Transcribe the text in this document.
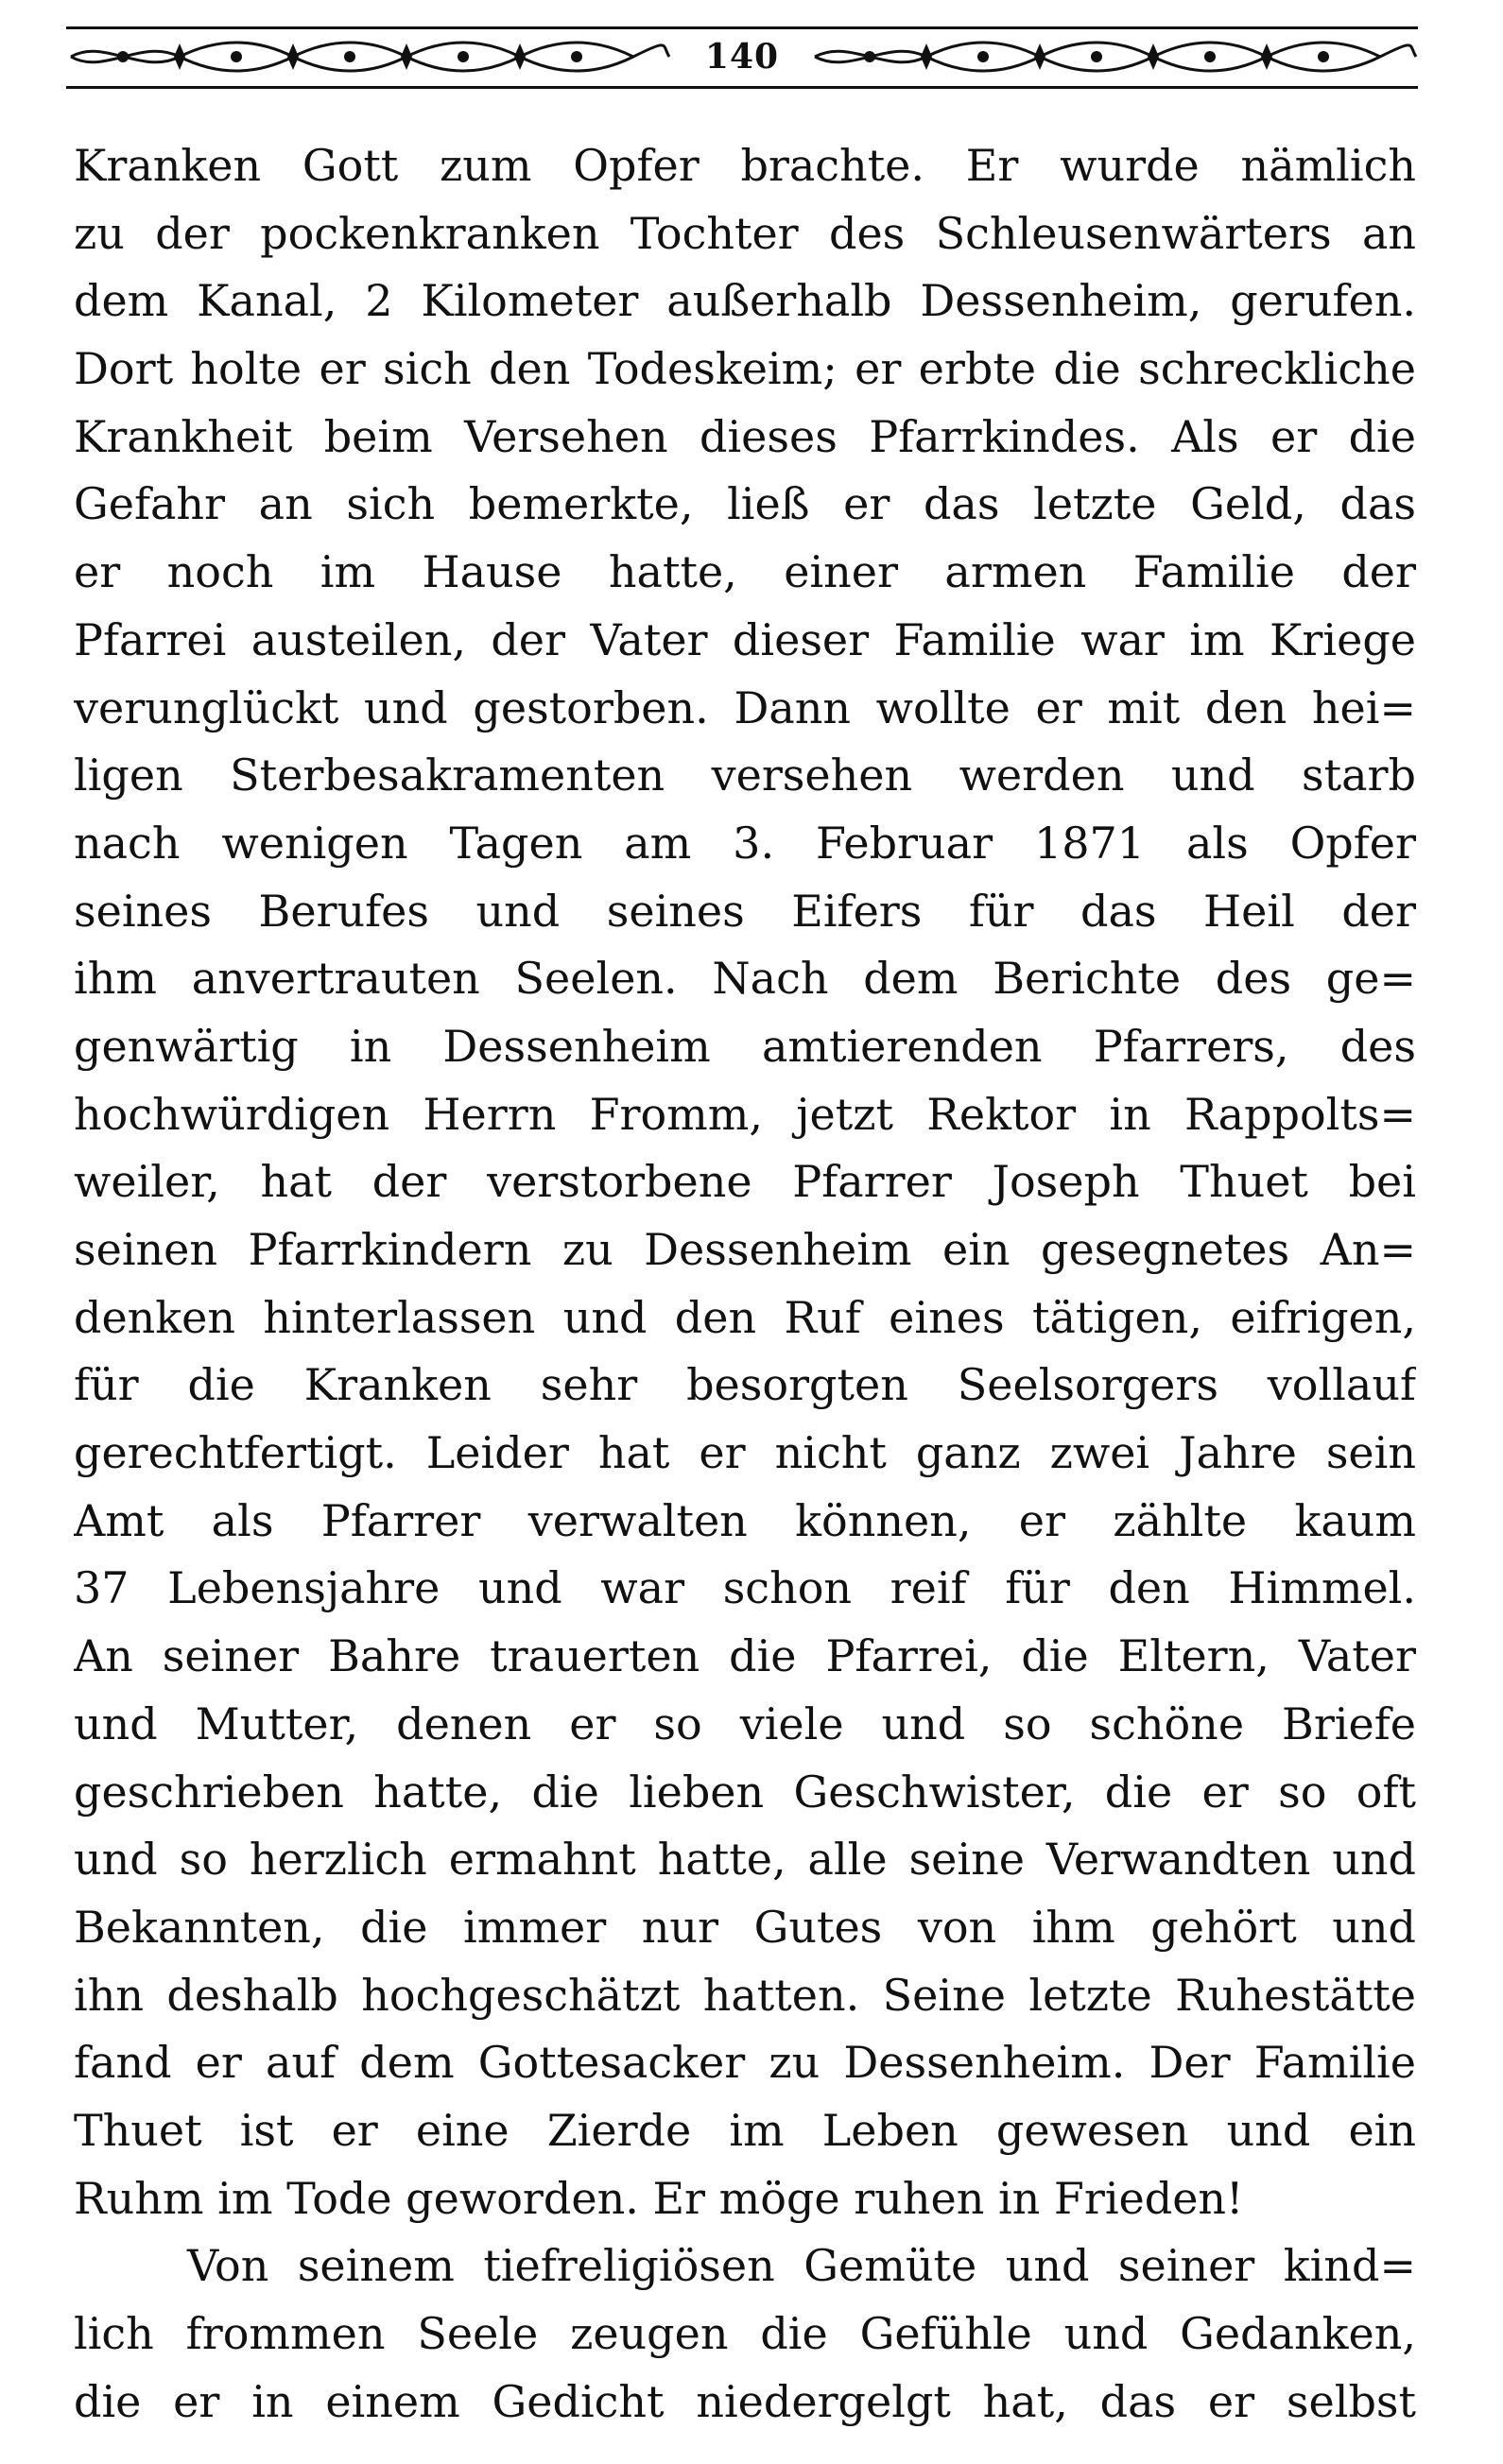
140
Kranken Gott zum Opfer brachte. Er wurde nämlich
zu der pockenkranken Tochter des Schleusenwärters an
dem Kanal, 2 Kilometer außerhalb Dessenheim, gerufen.
Dort holte er sich den Todeskeim; er erbte die schreckliche
Krankheit beim Versehen dieses Pfarrkindes. Als er die
Gefahr an sich bemerkte, ließ er das letzte Geld, das
er noch im Hause hatte, einer armen Familie der
Pfarrei austeilen, der Vater dieser Familie war im Kriege
verunglückt und gestorben. Dann wollte er mit den hei=
ligen Sterbesakramenten versehen werden und starb
nach wenigen Tagen am 3. Februar 1871 als Opfer
seines Berufes und seines Eifers für das Heil der
ihm anvertrauten Seelen. Nach dem Berichte des ge=
genwärtig in Dessenheim amtierenden Pfarrers, des
hochwürdigen Herrn Fromm, jetzt Rektor in Rappolts=
weiler, hat der verstorbene Pfarrer Joseph Thuet bei
seinen Pfarrkindern zu Dessenheim ein gesegnetes An=
denken hinterlassen und den Ruf eines tätigen, eifrigen,
für die Kranken sehr besorgten Seelsorgers vollauf
gerechtfertigt. Leider hat er nicht ganz zwei Jahre sein
Amt als Pfarrer verwalten können, er zählte kaum
37 Lebensjahre und war schon reif für den Himmel.
An seiner Bahre trauerten die Pfarrei, die Eltern, Vater
und Mutter, denen er so viele und so schöne Briefe
geschrieben hatte, die lieben Geschwister, die er so oft
und so herzlich ermahnt hatte, alle seine Verwandten und
Bekannten, die immer nur Gutes von ihm gehört und
ihn deshalb hochgeschätzt hatten. Seine letzte Ruhestätte
fand er auf dem Gottesacker zu Dessenheim. Der Familie
Thuet ist er eine Zierde im Leben gewesen und ein
Ruhm im Tode geworden. Er möge ruhen in Frieden!
Von seinem tiefreligiösen Gemüte und seiner kind=
lich frommen Seele zeugen die Gefühle und Gedanken,
die er in einem Gedicht niedergelgt hat, das er selbst
